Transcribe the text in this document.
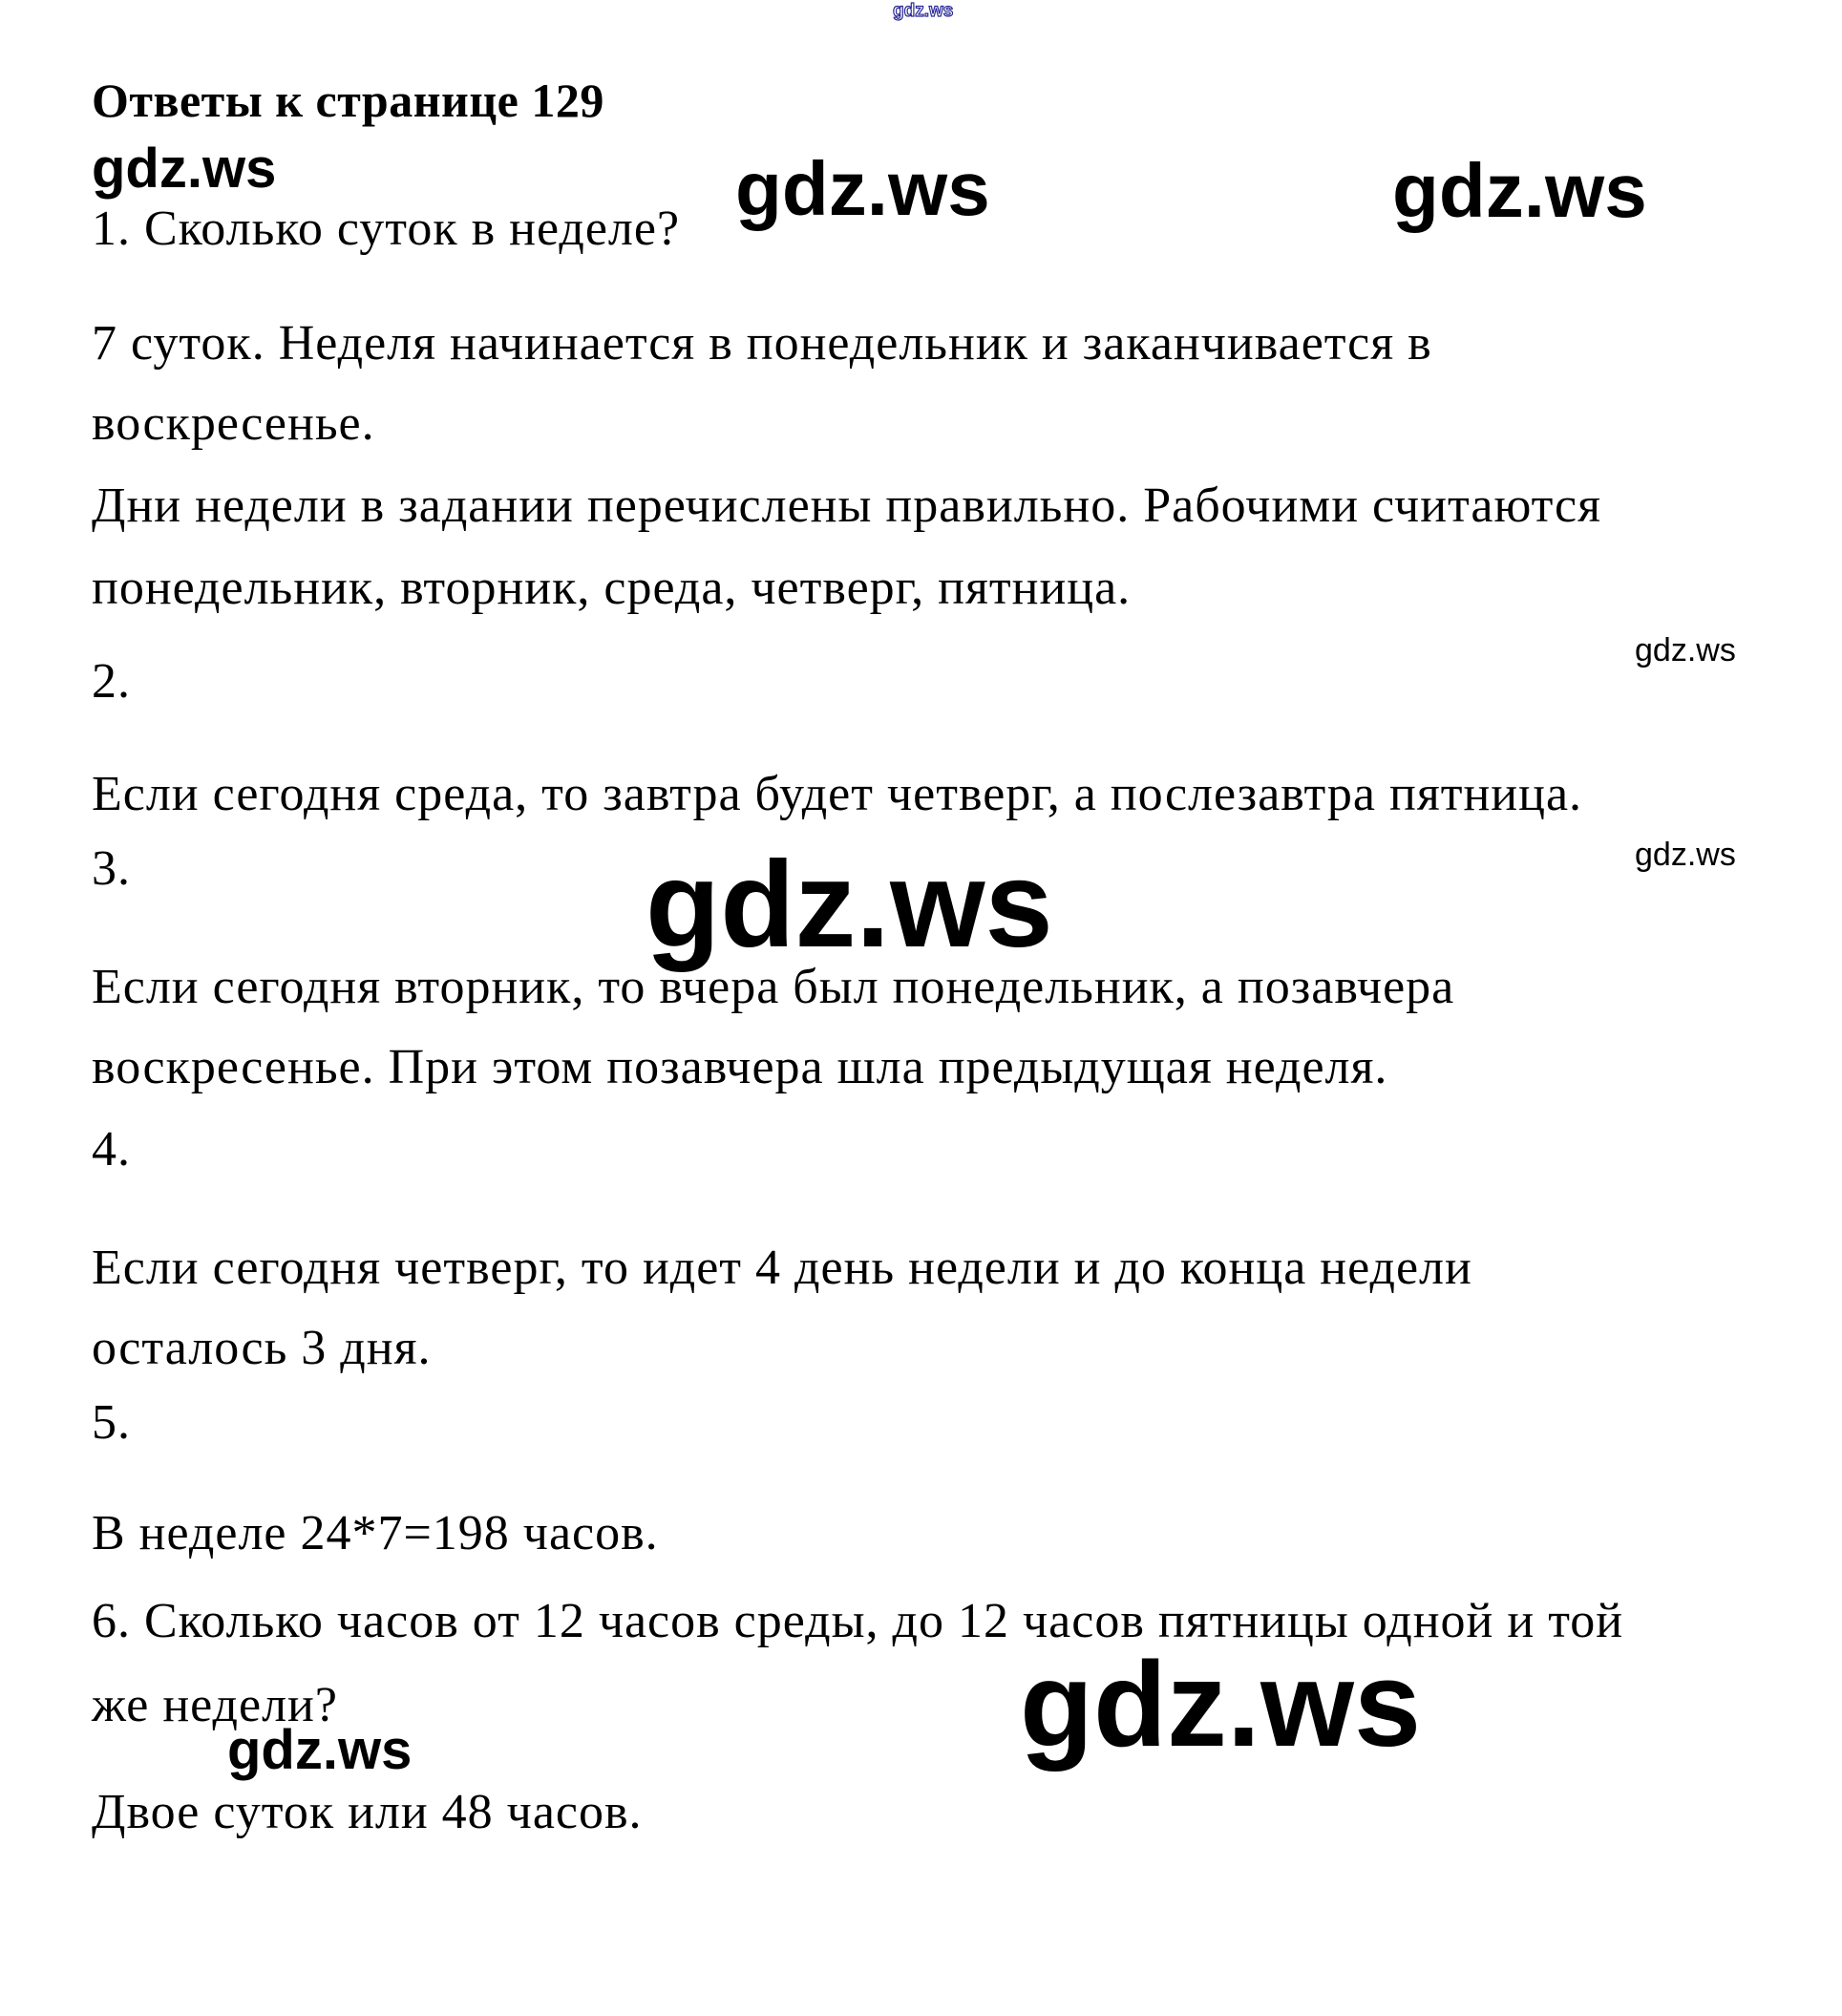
gdz.ws
Ответы к странице 129
gdz.ws	gdz.ws	gdz.ws
1. Сколько суток в неделе?
7 суток. Неделя начинается в понедельник и заканчивается в
воскресенье.
Дни недели в задании перечислены правильно. Рабочими считаются
понедельник, вторник, среда, четверг, пятница.
gdz.ws
2.
Если сегодня среда, то завтра будет четверг, а послезавтра пятница.
3.	gdz.ws
gdz.ws
Если сегодня вторник, то вчера был понедельник, а позавчера
воскресенье. При этом позавчера шла предыдущая неделя.
4.
Если сегодня четверг, то идет 4 день недели и до конца недели
осталось 3 дня.
5.
В неделе 24*7=198 часов.
6. Сколько часов от 12 часов среды, до 12 часов пятницы одной и той
же недели?	gdz.ws
gdz.ws
Двое суток или 48 часов.
